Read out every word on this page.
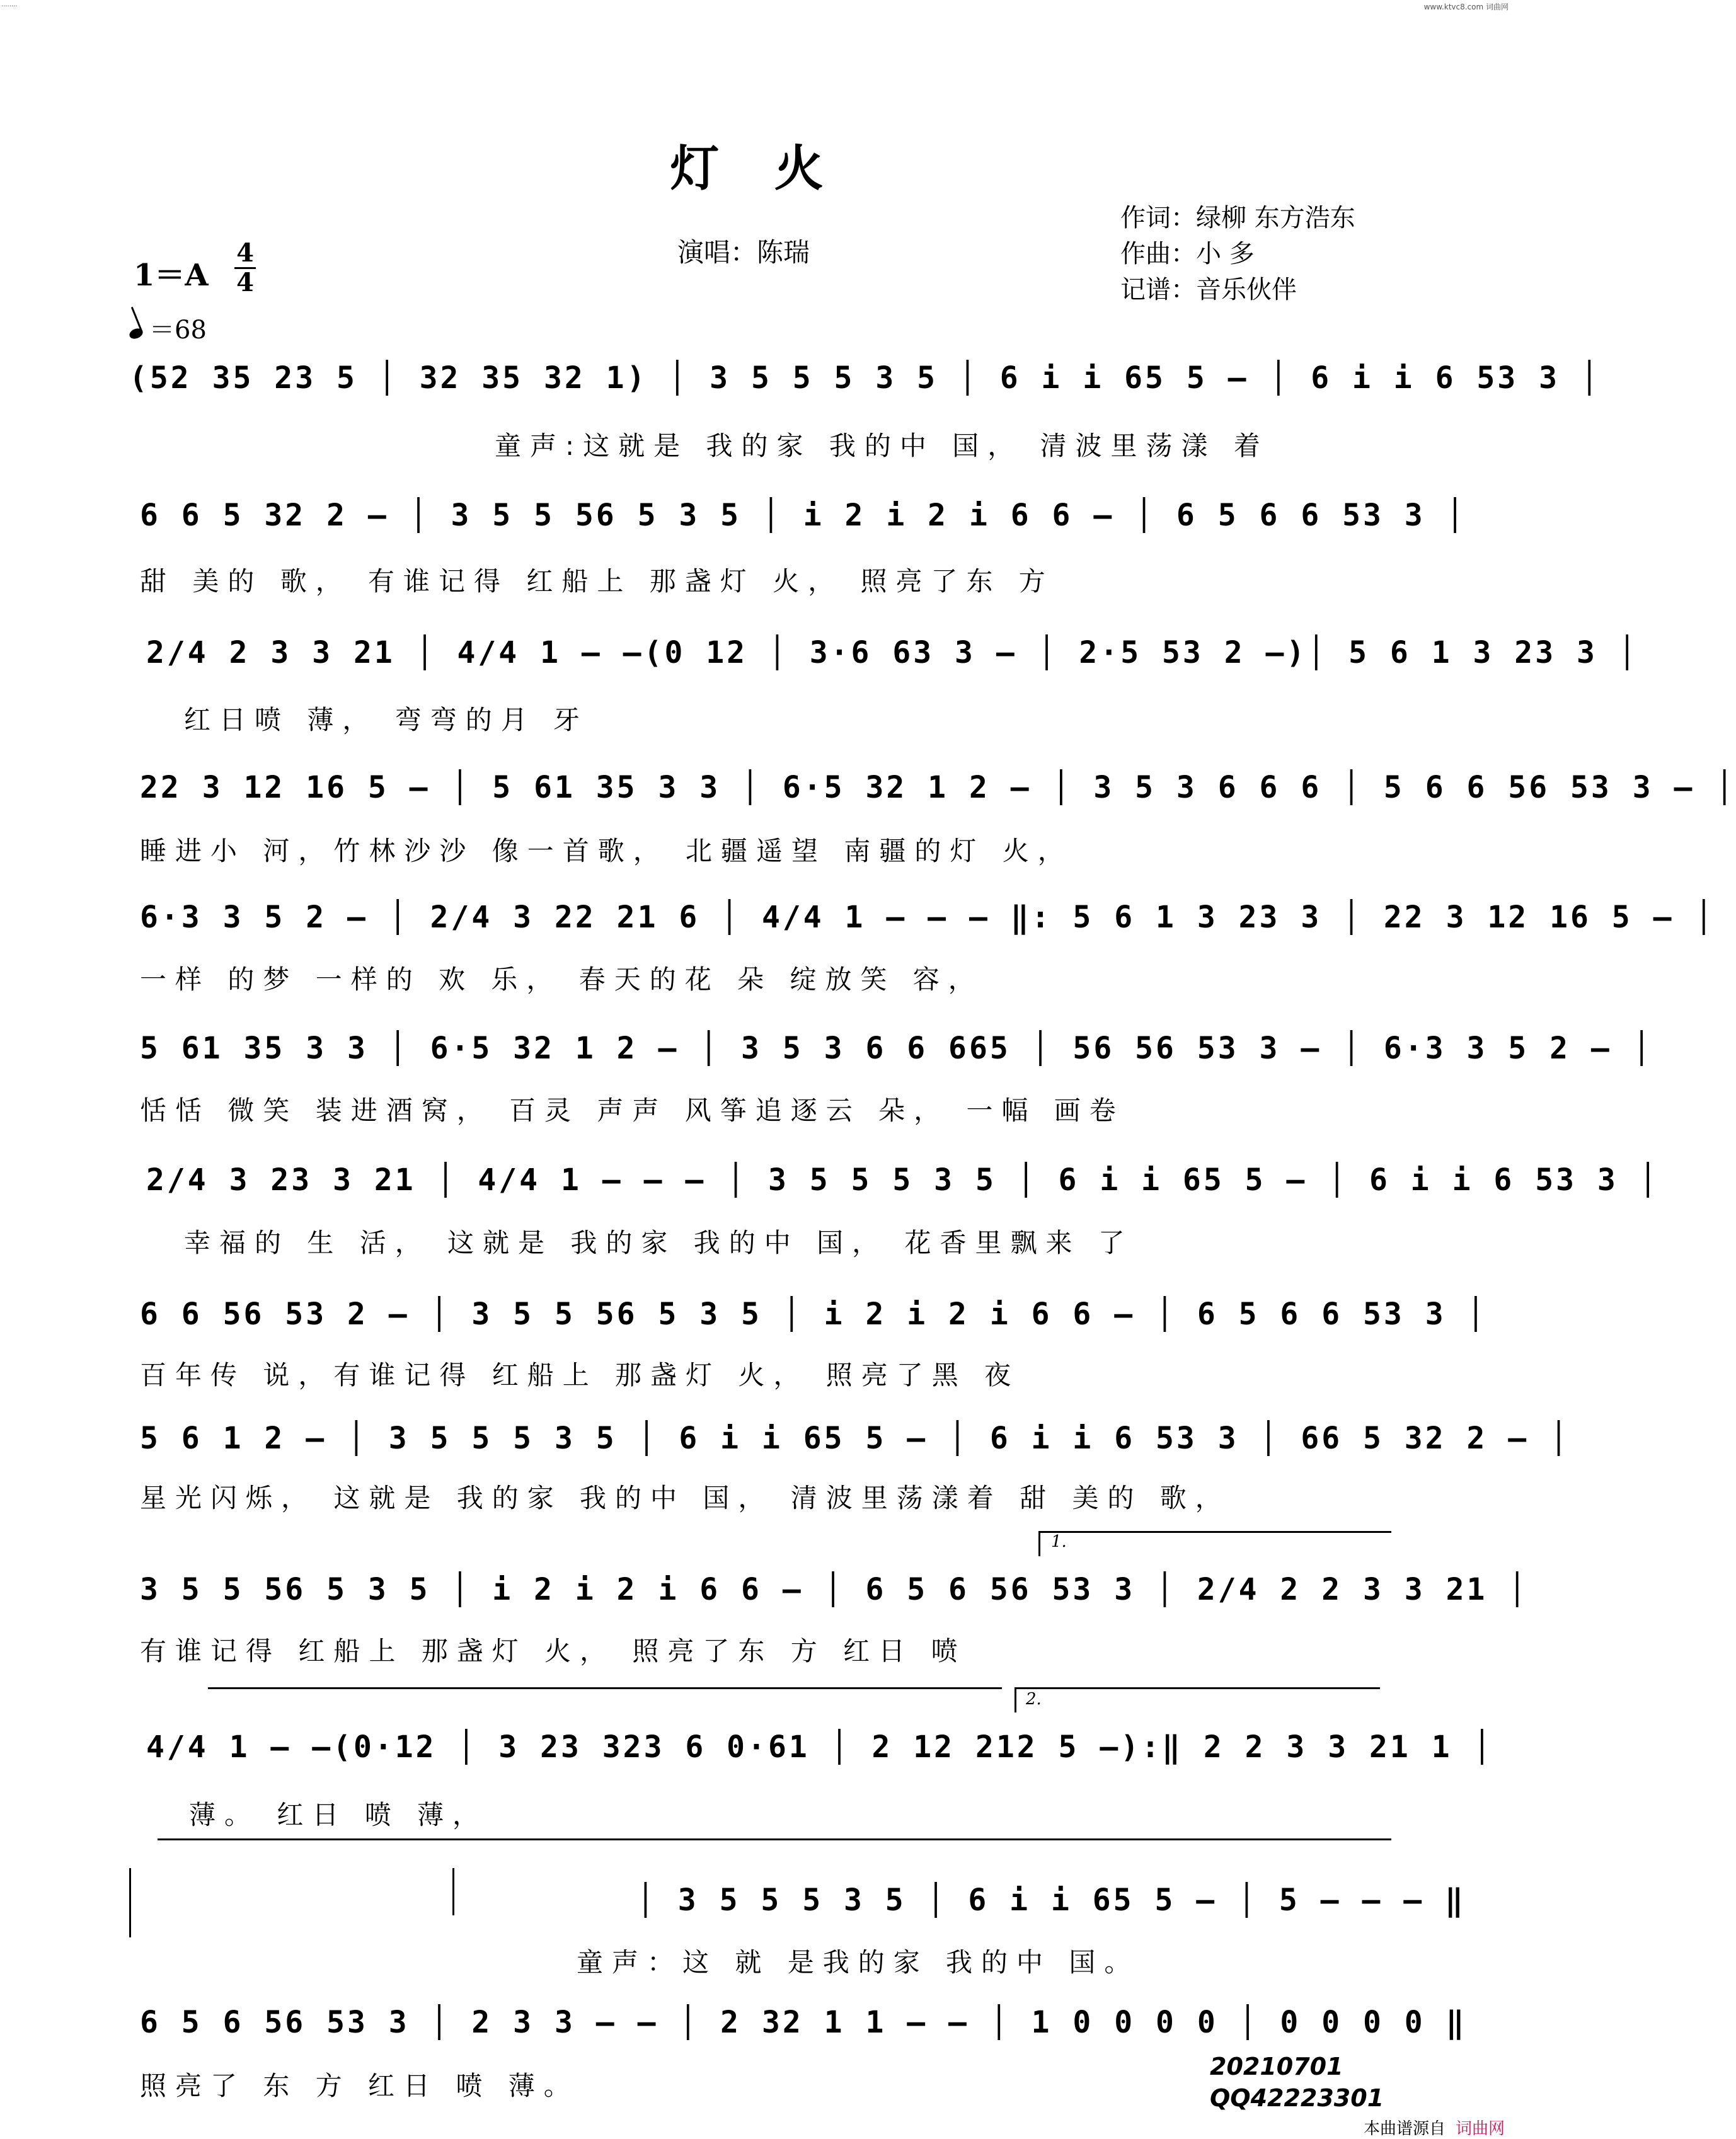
........	www.ktvc8.com 词曲网
灯 火
演唱：陈瑞
作词：绿柳 东方浩东
作曲：小 多
记谱：音乐伙伴
1＝A
4
4
＝68
(52 35 23 5 │ 32 35 32 1) │ 3 5 5 5 3 5 │ 6 i i 65 5 – │ 6 i i 6 53 3 │
童声:这就是 我的家 我的中 国， 清波里荡漾 着
6 6 5 32 2 – │ 3 5 5 56 5 3 5 │ i 2 i 2 i 6 6 – │ 6 5 6 6 53 3 │
甜 美的 歌， 有谁记得 红船上 那盏灯 火， 照亮了东 方
2/4 2 3 3 21 │ 4/4 1 – –(0 12 │ 3·6 63 3 – │ 2·5 53 2 –)│ 5 6 1 3 23 3 │
红日喷 薄， 弯弯的月 牙
22 3 12 16 5 – │ 5 61 35 3 3 │ 6·5 32 1 2 – │ 3 5 3 6 6 6 │ 5 6 6 56 53 3 – │
睡进小 河，竹林沙沙 像一首歌， 北疆遥望 南疆的灯 火，
6·3 3 5 2 – │ 2/4 3 22 21 6 │ 4/4 1 – – – ‖: 5 6 1 3 23 3 │ 22 3 12 16 5 – │
一样 的梦 一样的 欢 乐， 春天的花 朵 绽放笑 容，
5 61 35 3 3 │ 6·5 32 1 2 – │ 3 5 3 6 6 665 │ 56 56 53 3 – │ 6·3 3 5 2 – │
恬恬 微笑 装进酒窝， 百灵 声声 风筝追逐云 朵， 一幅 画卷
2/4 3 23 3 21 │ 4/4 1 – – – │ 3 5 5 5 3 5 │ 6 i i 65 5 – │ 6 i i 6 53 3 │
幸福的 生 活， 这就是 我的家 我的中 国， 花香里飘来 了
6 6 56 53 2 – │ 3 5 5 56 5 3 5 │ i 2 i 2 i 6 6 – │ 6 5 6 6 53 3 │
百年传 说，有谁记得 红船上 那盏灯 火， 照亮了黑 夜
5 6 1 2 – │ 3 5 5 5 3 5 │ 6 i i 65 5 – │ 6 i i 6 53 3 │ 66 5 32 2 – │
星光闪烁， 这就是 我的家 我的中 国， 清波里荡漾着 甜 美的 歌，
1.
3 5 5 56 5 3 5 │ i 2 i 2 i 6 6 – │ 6 5 6 56 53 3 │ 2/4 2 2 3 3 21 │
有谁记得 红船上 那盏灯 火， 照亮了东 方 红日 喷
2.
4/4 1 – –(0·12 │ 3 23 323 6 0·61 │ 2 12 212 5 –):‖ 2 2 3 3 21 1 │
薄。 红日 喷 薄，
│ 3 5 5 5 3 5 │ 6 i i 65 5 – │ 5 – – – ‖
童声：这 就 是我的家 我的中 国。
6 5 6 56 53 3 │ 2 3 3 – – │ 2 32 1 1 – – │ 1 0 0 0 0 │ 0 0 0 0 ‖
照亮了 东 方 红日 喷 薄。
20210701
QQ42223301
本曲谱源自 词曲网
